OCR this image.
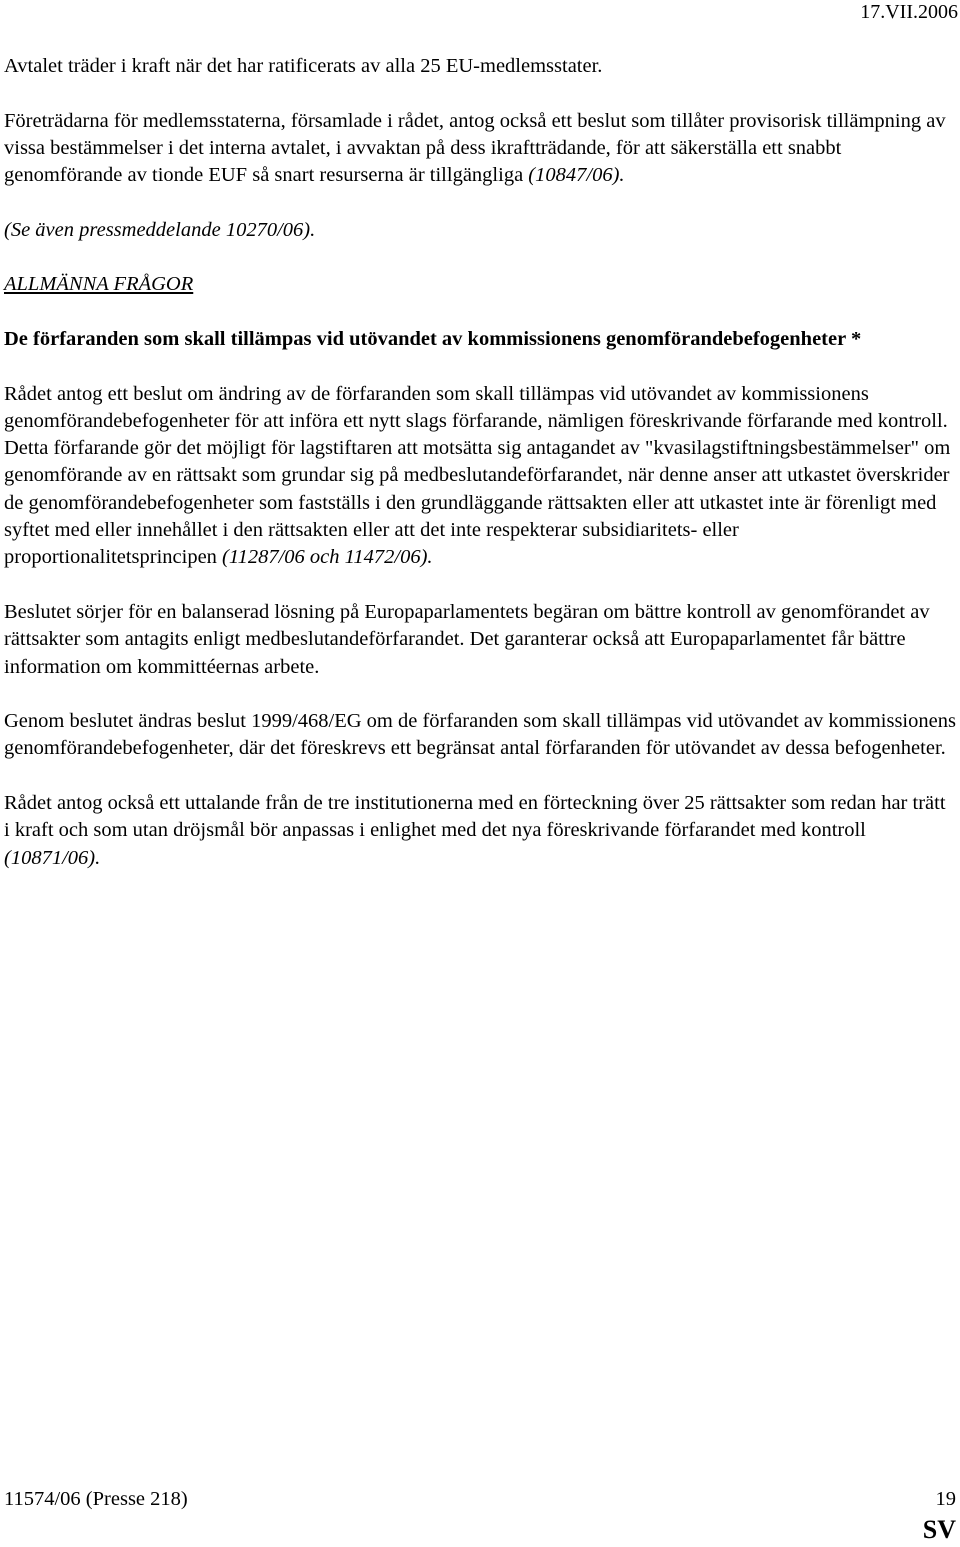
17.VII.2006

Avtalet träder i kraft när det har ratificerats av alla 25 EU-medlemsstater.

Företrädarna för medlemsstaterna, församlade i rådet, antog också ett beslut som tillåter provisorisk tillämpning av vissa bestämmelser i det interna avtalet, i avvaktan på dess ikraftträdande, för att säkerställa ett snabbt genomförande av tionde EUF så snart resurserna är tillgängliga (10847/06).

(Se även pressmeddelande 10270/06).

ALLMÄNNA FRÅGOR

De förfaranden som skall tillämpas vid utövandet av kommissionens genomförandebefogenheter *

Rådet antog ett beslut om ändring av de förfaranden som skall tillämpas vid utövandet av kommissionens genomförandebefogenheter för att införa ett nytt slags förfarande, nämligen föreskrivande förfarande med kontroll. Detta förfarande gör det möjligt för lagstiftaren att motsätta sig antagandet av "kvasilagstiftningsbestämmelser" om genomförande av en rättsakt som grundar sig på medbeslutandeförfarandet, när denne anser att utkastet överskrider de genomförandebefogenheter som fastställs i den grundläggande rättsakten eller att utkastet inte är förenligt med syftet med eller innehållet i den rättsakten eller att det inte respekterar subsidiaritets- eller proportionalitetsprincipen (11287/06 och 11472/06).

Beslutet sörjer för en balanserad lösning på Europaparlamentets begäran om bättre kontroll av genomförandet av rättsakter som antagits enligt medbeslutandeförfarandet. Det garanterar också att Europaparlamentet får bättre information om kommittéernas arbete.

Genom beslutet ändras beslut 1999/468/EG om de förfaranden som skall tillämpas vid utövandet av kommissionens genomförandebefogenheter, där det föreskrevs ett begränsat antal förfaranden för utövandet av dessa befogenheter.

Rådet antog också ett uttalande från de tre institutionerna med en förteckning över 25 rättsakter som redan har trätt i kraft och som utan dröjsmål bör anpassas i enlighet med det nya föreskrivande förfarandet med kontroll (10871/06).

11574/06 (Presse 218)	19
SV
